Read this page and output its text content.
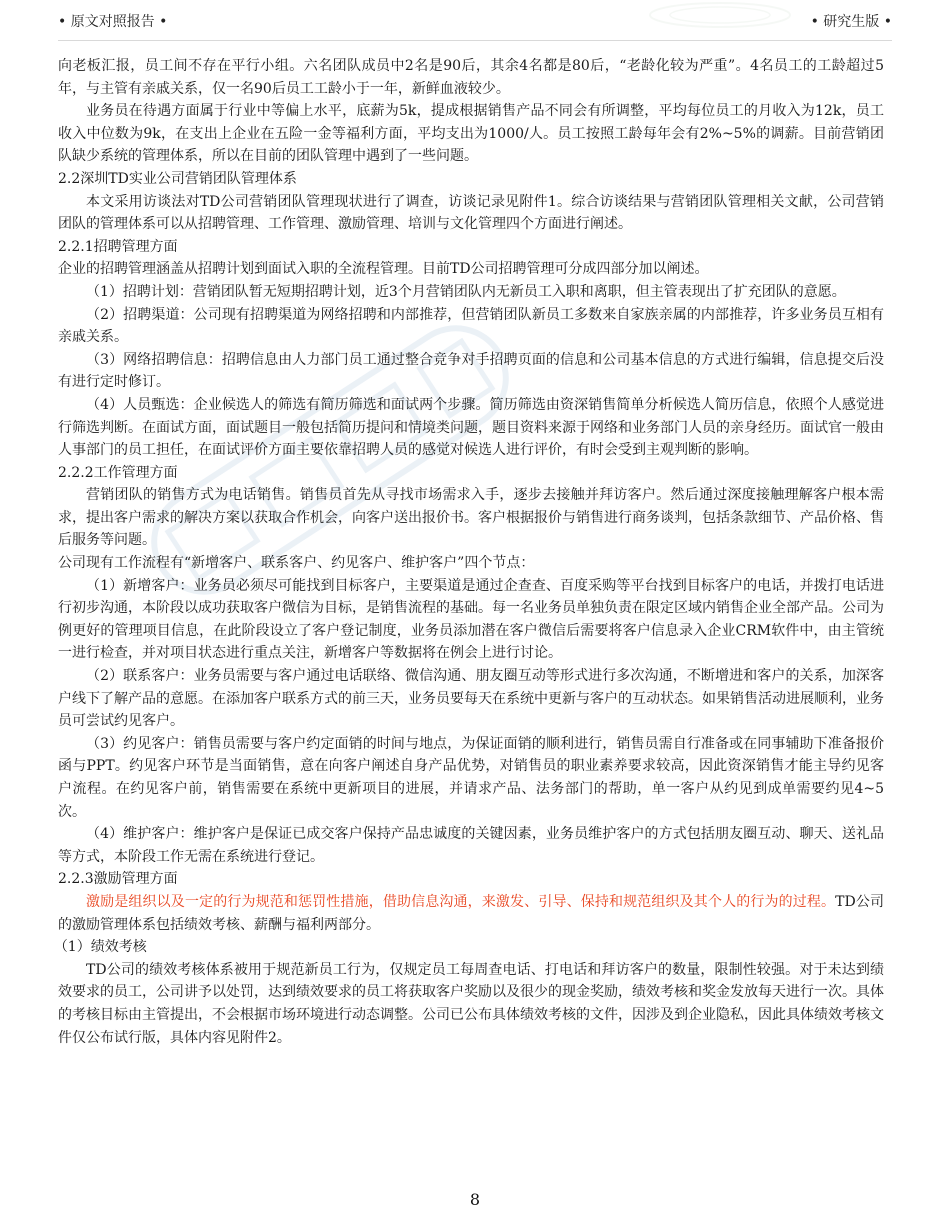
• 原文对照报告 •	• 研究生版 •

向老板汇报，员工间不存在平行小组。六名团队成员中2名是90后，其余4名都是80后，“老龄化较为严重”。4名员工的工龄超过5年，与主管有亲戚关系，仅一名90后员工工龄小于一年，新鲜血液较少。

业务员在待遇方面属于行业中等偏上水平，底薪为5k，提成根据销售产品不同会有所调整，平均每位员工的月收入为12k，员工收入中位数为9k，在支出上企业在五险一金等福利方面，平均支出为1000/人。员工按照工龄每年会有2%~5%的调薪。目前营销团队缺少系统的管理体系，所以在目前的团队管理中遇到了一些问题。

2.2深圳TD实业公司营销团队管理体系

本文采用访谈法对TD公司营销团队管理现状进行了调查，访谈记录见附件1。综合访谈结果与营销团队管理相关文献，公司营销团队的管理体系可以从招聘管理、工作管理、激励管理、培训与文化管理四个方面进行阐述。

2.2.1招聘管理方面

企业的招聘管理涵盖从招聘计划到面试入职的全流程管理。目前TD公司招聘管理可分成四部分加以阐述。

（1）招聘计划：营销团队暂无短期招聘计划，近3个月营销团队内无新员工入职和离职，但主管表现出了扩充团队的意愿。

（2）招聘渠道：公司现有招聘渠道为网络招聘和内部推荐，但营销团队新员工多数来自家族亲属的内部推荐，许多业务员互相有亲戚关系。

（3）网络招聘信息：招聘信息由人力部门员工通过整合竞争对手招聘页面的信息和公司基本信息的方式进行编辑，信息提交后没有进行定时修订。

（4）人员甄选：企业候选人的筛选有简历筛选和面试两个步骤。简历筛选由资深销售简单分析候选人简历信息，依照个人感觉进行筛选判断。在面试方面，面试题目一般包括简历提问和情境类问题，题目资料来源于网络和业务部门人员的亲身经历。面试官一般由人事部门的员工担任，在面试评价方面主要依靠招聘人员的感觉对候选人进行评价，有时会受到主观判断的影响。

2.2.2工作管理方面

营销团队的销售方式为电话销售。销售员首先从寻找市场需求入手，逐步去接触并拜访客户。然后通过深度接触理解客户根本需求，提出客户需求的解决方案以获取合作机会，向客户送出报价书。客户根据报价与销售进行商务谈判，包括条款细节、产品价格、售后服务等问题。

公司现有工作流程有“新增客户、联系客户、约见客户、维护客户”四个节点：

（1）新增客户：业务员必须尽可能找到目标客户，主要渠道是通过企查查、百度采购等平台找到目标客户的电话，并拨打电话进行初步沟通，本阶段以成功获取客户微信为目标，是销售流程的基础。每一名业务员单独负责在限定区域内销售企业全部产品。公司为例更好的管理项目信息，在此阶段设立了客户登记制度，业务员添加潜在客户微信后需要将客户信息录入企业CRM软件中，由主管统一进行检查，并对项目状态进行重点关注，新增客户等数据将在例会上进行讨论。

（2）联系客户：业务员需要与客户通过电话联络、微信沟通、朋友圈互动等形式进行多次沟通，不断增进和客户的关系，加深客户线下了解产品的意愿。在添加客户联系方式的前三天，业务员要每天在系统中更新与客户的互动状态。如果销售活动进展顺利，业务员可尝试约见客户。

（3）约见客户：销售员需要与客户约定面销的时间与地点，为保证面销的顺利进行，销售员需自行准备或在同事辅助下准备报价函与PPT。约见客户环节是当面销售，意在向客户阐述自身产品优势，对销售员的职业素养要求较高，因此资深销售才能主导约见客户流程。在约见客户前，销售需要在系统中更新项目的进展，并请求产品、法务部门的帮助，单一客户从约见到成单需要约见4~5次。

（4）维护客户：维护客户是保证已成交客户保持产品忠诚度的关键因素，业务员维护客户的方式包括朋友圈互动、聊天、送礼品等方式，本阶段工作无需在系统进行登记。

2.2.3激励管理方面

激励是组织以及一定的行为规范和惩罚性措施，借助信息沟通，来激发、引导、保持和规范组织及其个人的行为的过程。TD公司的激励管理体系包括绩效考核、薪酬与福利两部分。

（1）绩效考核

TD公司的绩效考核体系被用于规范新员工行为，仅规定员工每周查电话、打电话和拜访客户的数量，限制性较强。对于未达到绩效要求的员工，公司讲予以处罚，达到绩效要求的员工将获取客户奖励以及很少的现金奖励，绩效考核和奖金发放每天进行一次。具体的考核目标由主管提出，不会根据市场环境进行动态调整。公司已公布具体绩效考核的文件，因涉及到企业隐私，因此具体绩效考核文件仅公布试行版，具体内容见附件2。

8
